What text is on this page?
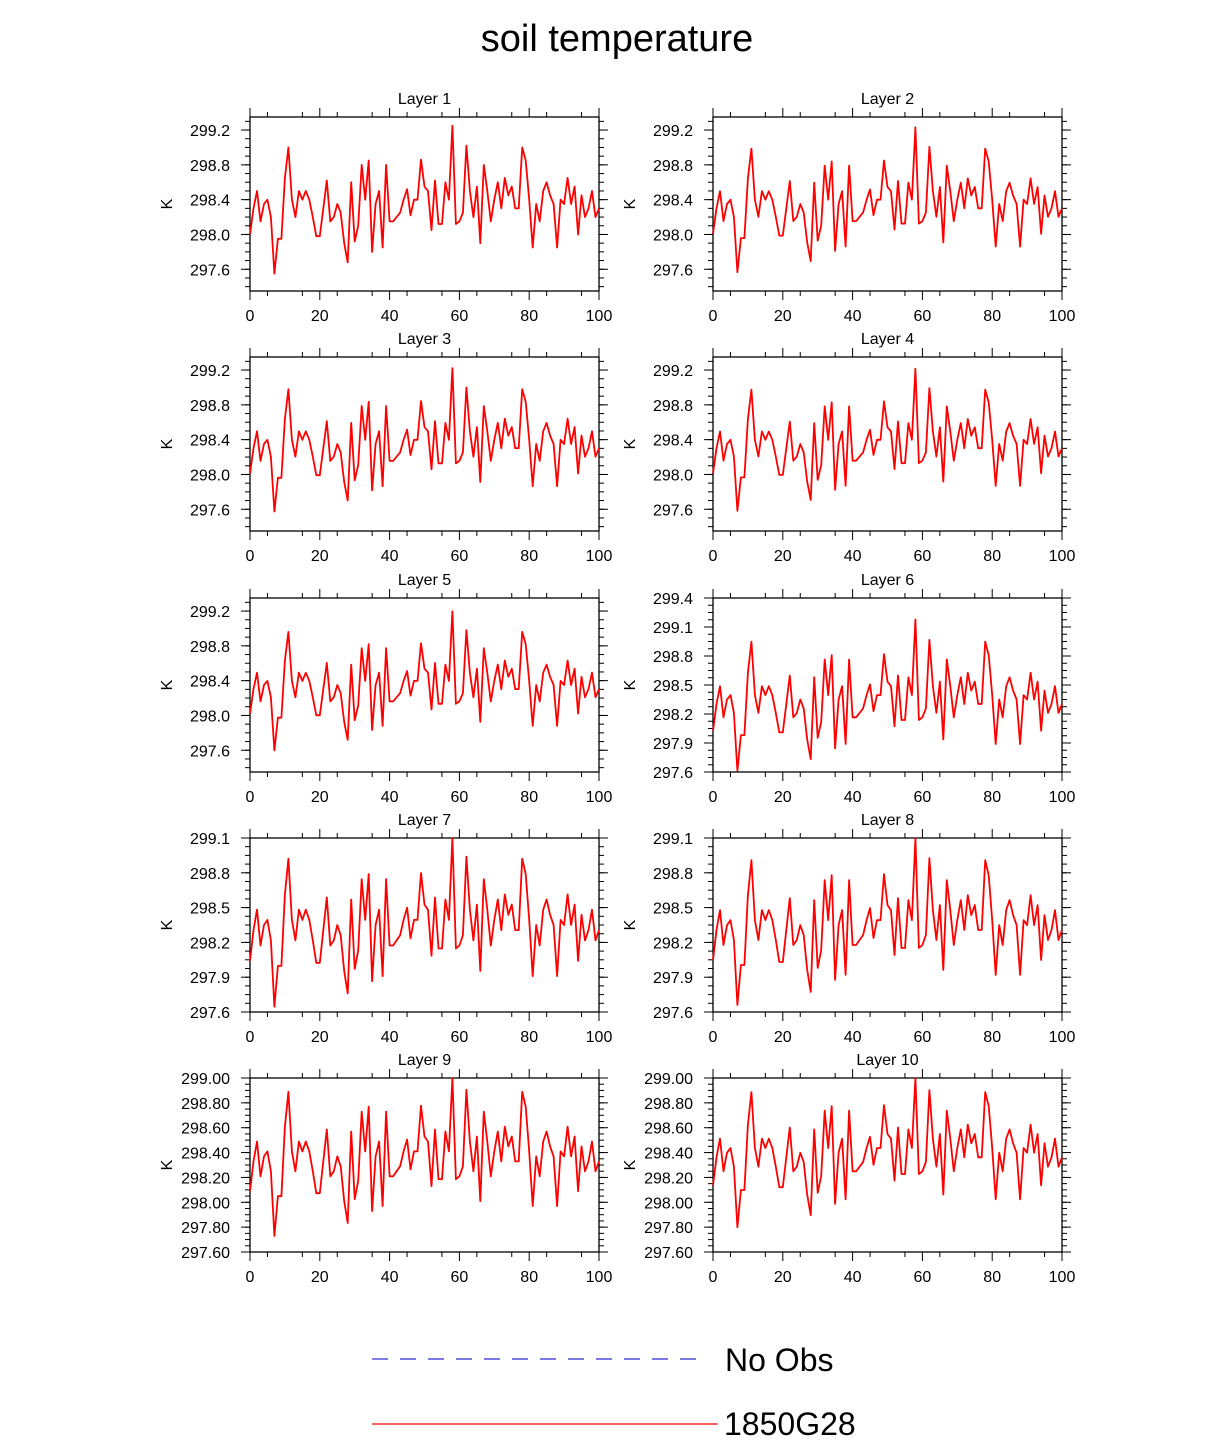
soil temperature
Layer 1
0	20	40	60	80	100
299.2
298.8
298.4
298.0
297.6
K
Layer 2
0	20	40	60	80	100
299.2
298.8
298.4
298.0
297.6
K
Layer 3
0	20	40	60	80	100
299.2
298.8
298.4
298.0
297.6
K
Layer 4
0	20	40	60	80	100
299.2
298.8
298.4
298.0
297.6
K
Layer 5
0	20	40	60	80	100
299.2
298.8
298.4
298.0
297.6
K
Layer 6
0	20	40	60	80	100
299.4
299.1
298.8
298.5
298.2
297.9
297.6
K
Layer 7
0	20	40	60	80	100
299.1
298.8
298.5
298.2
297.9
297.6
K
Layer 8
0	20	40	60	80	100
299.1
298.8
298.5
298.2
297.9
297.6
K
Layer 9
0	20	40	60	80	100
299.00
298.80
298.60
298.40
298.20
298.00
297.80
297.60
K
Layer 10
0	20	40	60	80	100
299.00
298.80
298.60
298.40
298.20
298.00
297.80
297.60
K
No Obs
1850G28
